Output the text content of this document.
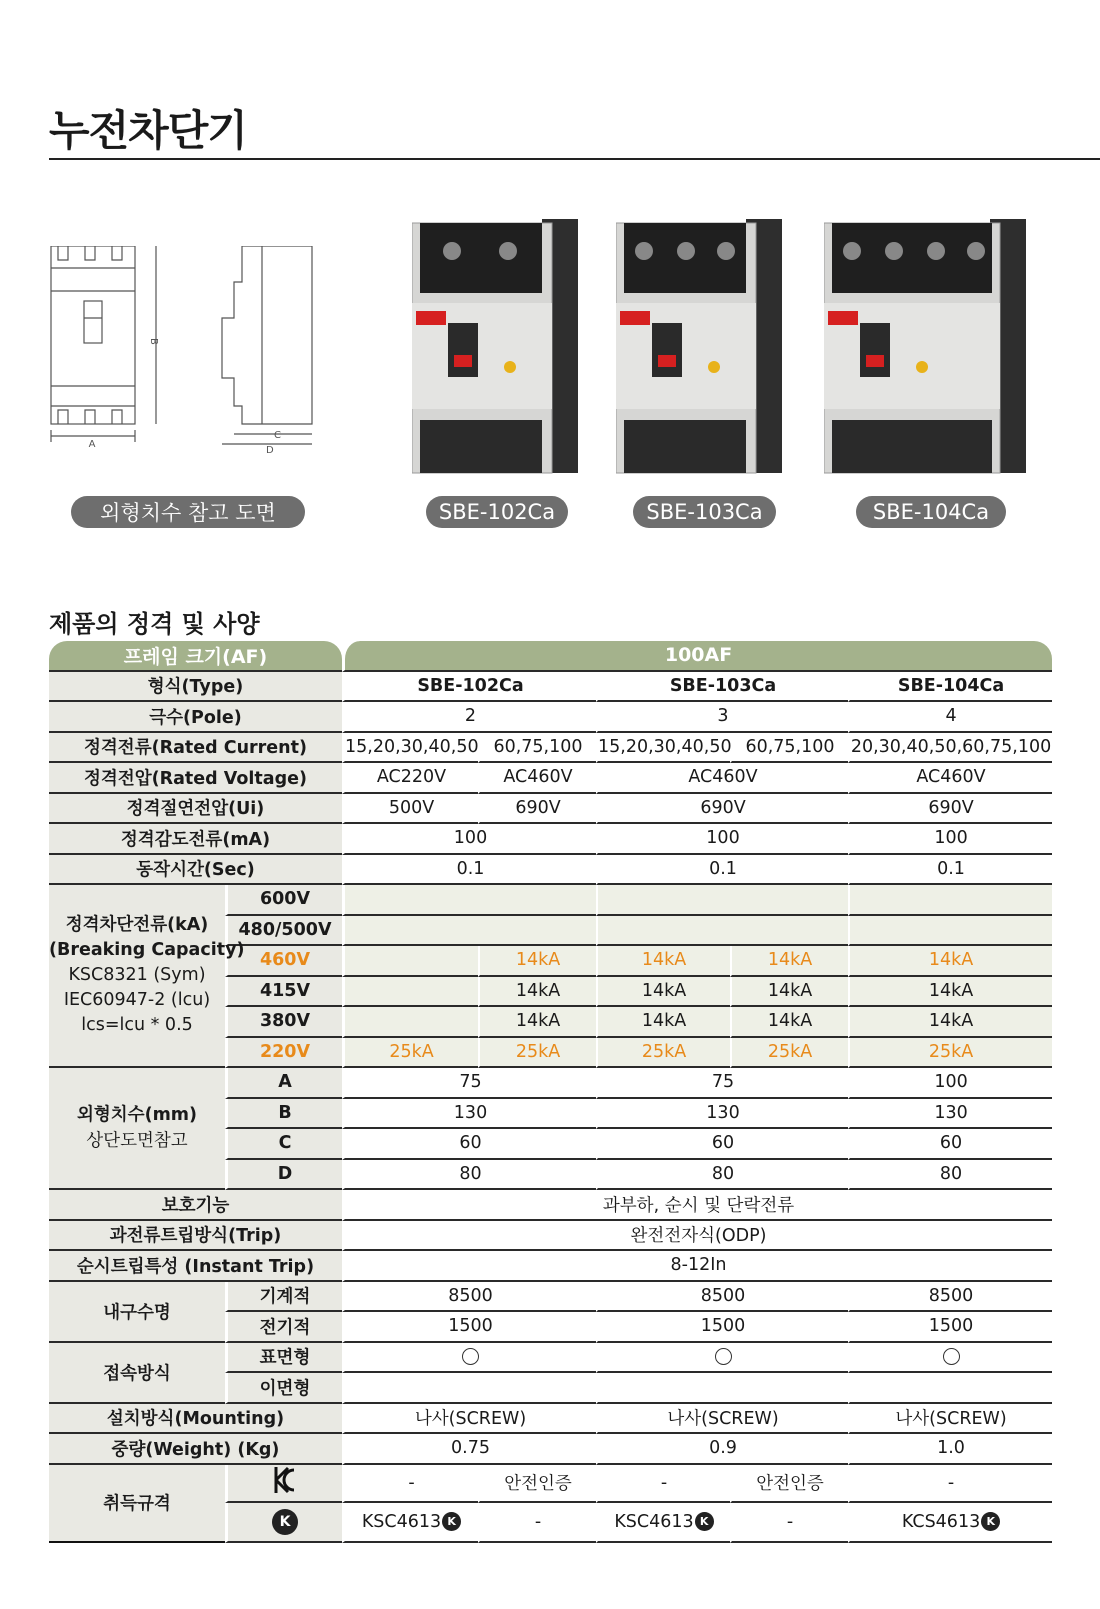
누전차단기
A
B
C
D
외형치수 참고 도면	SBE-102Ca	SBE-103Ca	SBE-104Ca
제품의 정격 및 사양
프레임 크기(AF)		100AF				
형식(Type)		SBE-102Ca		SBE-103Ca		SBE-104Ca
극수(Pole)		2		3		4
정격전류(Rated Current)		15,20,30,40,50	60,75,100	15,20,30,40,50	60,75,100	20,30,40,50,60,75,100
정격전압(Rated Voltage)		AC220V	AC460V	AC460V		AC460V
정격절연전압(Ui)		500V	690V	690V		690V
정격감도전류(mA)		100		100		100
동작시간(Sec)		0.1		0.1		0.1
정격차단전류(kA)
(Breaking Capacity)
KSC8321 (Sym)
IEC60947-2 (lcu)
lcs=lcu * 0.5	600V					
	480/500V					
	460V		14kA	14kA	14kA	14kA
	415V		14kA	14kA	14kA	14kA
	380V		14kA	14kA	14kA	14kA
	220V	25kA	25kA	25kA	25kA	25kA
외형치수(mm)
상단도면참고	A	75		75		100
	B	130		130		130
	C	60		60		60
	D	80		80		80
보호기능		과부하, 순시 및 단락전류				
과전류트립방식(Trip)		완전전자식(ODP)				
순시트립특성 (Instant Trip)		8-12In				
내구수명	기계적	8500		8500		8500
	전기적	1500		1500		1500
접속방식	표면형					
	이면형					
설치방식(Mounting)		나사(SCREW)		나사(SCREW)		나사(SCREW)
중량(Weight) (Kg)		0.75		0.9		1.0
취득규격		-	안전인증	-	안전인증	-
	K	KSC4613 K	-	KSC4613 K	-	KCS4613 K
